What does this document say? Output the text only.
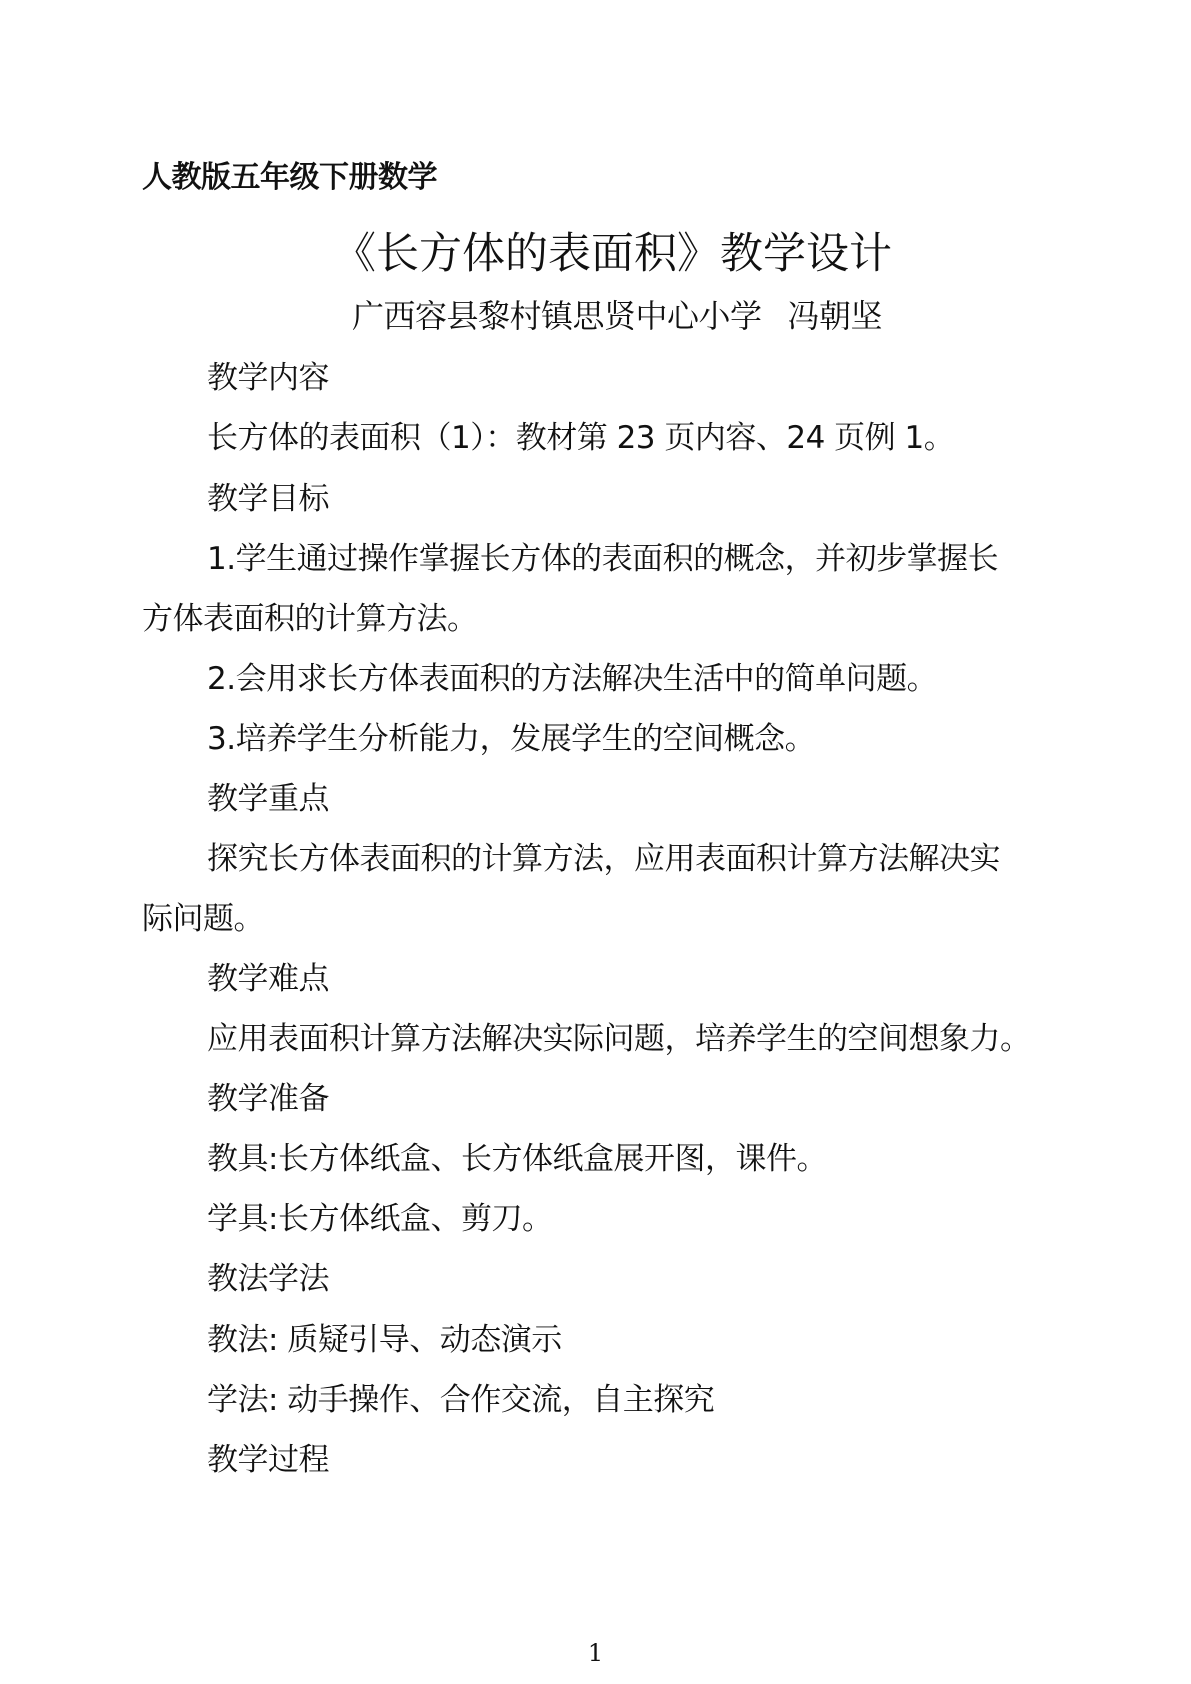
人教版五年级下册数学
《长方体的表面积》教学设计
广西容县黎村镇思贤中心小学 冯朝坚
教学内容
长方体的表面积（1）：教材第 23 页内容、24 页例 1。
教学目标
1.学生通过操作掌握长方体的表面积的概念，并初步掌握长
方体表面积的计算方法。
2.会用求长方体表面积的方法解决生活中的简单问题。
3.培养学生分析能力，发展学生的空间概念。
教学重点
探究长方体表面积的计算方法，应用表面积计算方法解决实
际问题。
教学难点
应用表面积计算方法解决实际问题，培养学生的空间想象力。
教学准备
教具:长方体纸盒、长方体纸盒展开图，课件。
学具:长方体纸盒、剪刀。
教法学法
教法: 质疑引导、动态演示
学法: 动手操作、合作交流，自主探究
教学过程
1
